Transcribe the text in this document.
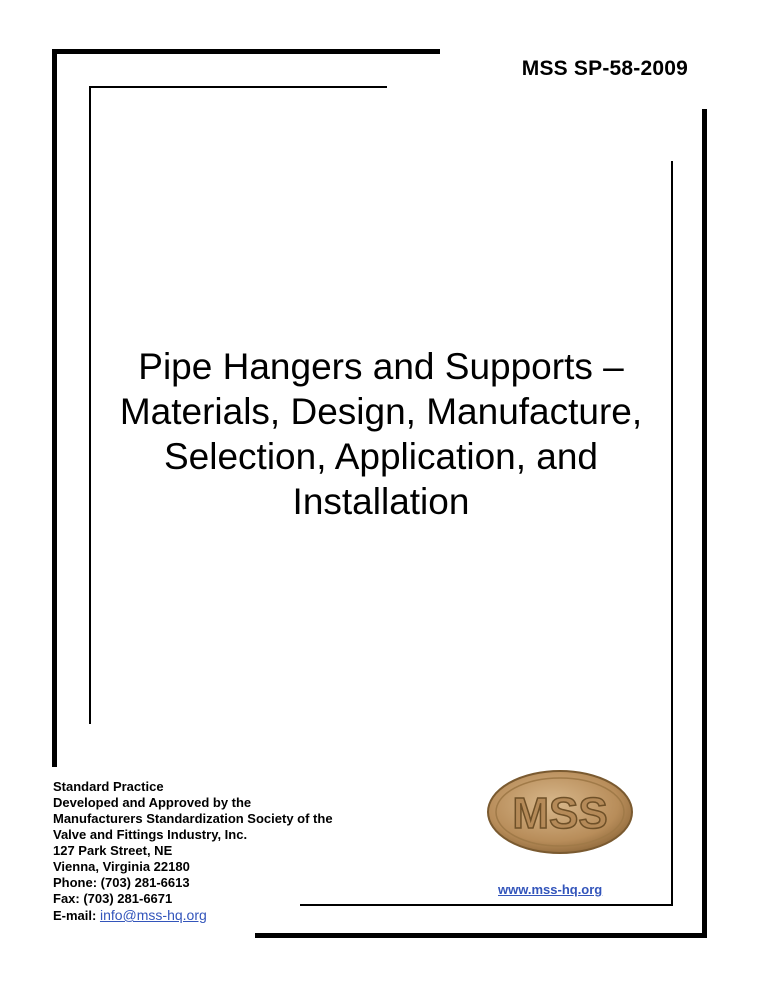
MSS SP-58-2009
Pipe Hangers and Supports –
Materials, Design, Manufacture,
Selection, Application, and
Installation
MSS
Standard Practice
Developed and Approved by the
Manufacturers Standardization Society of the
Valve and Fittings Industry, Inc.
127 Park Street, NE
Vienna, Virginia 22180
Phone: (703) 281-6613
Fax: (703) 281-6671
E-mail: info@mss-hq.org
www.mss-hq.org
